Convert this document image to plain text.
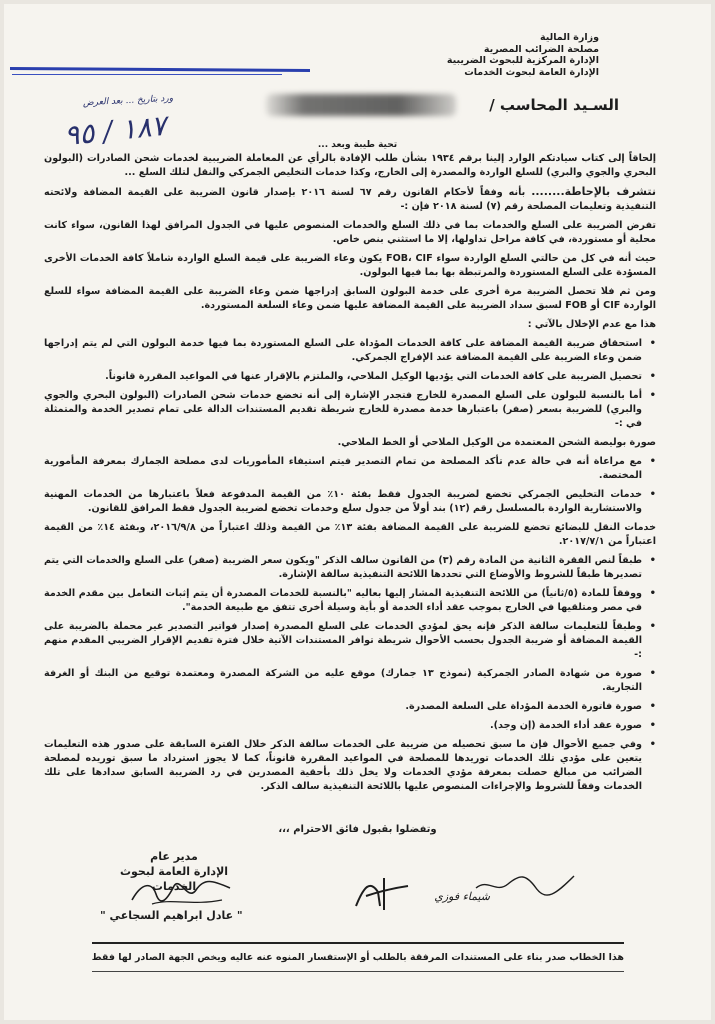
وزارة المالية
مصلحة الضرائب المصرية
الإدارة المركزية للبحوث الضريبية
الإدارة العامة لبحوث الخدمات
ورد بتاريخ ... بعد العرض
١٨٧ / ٩٥
السـيد المحاسب /
تحية طيبة وبعد ...

إلحاقاً إلى كتاب سيادتكم الوارد إلينا برقم ١٩٣٤ بشأن طلب الإفادة بالرأي عن المعاملة الضريبية لخدمات شحن الصادرات (البولون البحري والجوي والبري) للسلع الواردة والمصدرة إلى الخارج، وكذا خدمات التخليص الجمركي والنقل لتلك السلع ...

نتشرف بالإحاطة........ بأنه وفقاً لأحكام القانون رقم ٦٧ لسنة ٢٠١٦ بإصدار قانون الضريبة على القيمة المضافة ولائحته التنفيذية وتعليمات المصلحة رقم (٧) لسنة ٢٠١٨ فإن :-

تفرض الضريبة على السلع والخدمات بما في ذلك السلع والخدمات المنصوص عليها في الجدول المرافق لهذا القانون، سواء كانت محلية أو مستوردة، في كافة مراحل تداولها، إلا ما استثني بنص خاص.

حيث أنه في كل من حالتي السلع الواردة سواء FOB، CIF يكون وعاء الضريبة على قيمة السلع الواردة شاملاً كافة الخدمات الأخرى المسؤدة على السلع المستوردة والمرتبطة بها بما فيها البولون.

ومن ثم فلا تحصل الضريبة مرة أخرى على خدمة البولون السابق إدراجها ضمن وعاء الضريبة على القيمة المضافة سواء للسلع الواردة CIF أو FOB لسبق سداد الضريبة على القيمة المضافة عليها ضمن وعاء السلعة المستوردة.

هذا مع عدم الإخلال بالآتي :

• استحقاق ضريبة القيمة المضافة على كافة الخدمات المؤداة على السلع المستوردة بما فيها خدمة البولون التي لم يتم إدراجها ضمن وعاء الضريبة على القيمة المضافة عند الإفراج الجمركي.

• تحصيل الضريبة على كافة الخدمات التي يؤديها الوكيل الملاحي، والملتزم بالإقرار عنها في المواعيد المقررة قانوناً.

• أما بالنسبة للبولون على السلع المصدرة للخارج فتجدر الإشارة إلى أنه تخضع خدمات شحن الصادرات (البولون البحري والجوي والبري) للضريبة بسعر (صفر) باعتبارها خدمة مصدرة للخارج شريطة تقديم المستندات الدالة على تمام تصدير الخدمة والمتمثلة في :-

صورة بوليصة الشحن المعتمدة من الوكيل الملاحي أو الخط الملاحي.

• مع مراعاة أنه في حالة عدم تأكد المصلحة من تمام التصدير فيتم استيفاء المأموريات لدى مصلحة الجمارك بمعرفة المأمورية المختصة.

• خدمات التخليص الجمركي تخضع لضريبة الجدول فقط بفئة ١٠٪ من القيمة المدفوعة فعلاً باعتبارها من الخدمات المهنية والاستشارية الواردة بالمسلسل رقم (١٢) بند أولاً من جدول سلع وخدمات تخضع لضريبة الجدول فقط المرافق للقانون.

خدمات النقل للبضائع تخضع للضريبة على القيمة المضافة بفئة ١٣٪ من القيمة وذلك اعتباراً من ٢٠١٦/٩/٨، وبفئة ١٤٪ من القيمة اعتباراً من ٢٠١٧/٧/١.

• طبقاً لنص الفقرة الثانية من المادة رقم (٣) من القانون سالف الذكر "ويكون سعر الضريبة (صفر) على السلع والخدمات التي يتم تصديرها طبقاً للشروط والأوضاع التي تحددها اللائحة التنفيذية سالفة الإشارة.

• ووفقاً للمادة (٥/ثانياً) من اللائحة التنفيذية المشار إليها بعاليه "بالنسبة للخدمات المصدرة أن يتم إثبات التعامل بين مقدم الخدمة في مصر ومتلقيها في الخارج بموجب عقد أداء الخدمة أو بأية وسيلة أخرى تتفق مع طبيعة الخدمة".

• وطبقاً للتعليمات سالفة الذكر فإنه يحق لمؤدي الخدمات على السلع المصدرة إصدار فواتير التصدير غير محملة بالضريبة على القيمة المضافة أو ضريبة الجدول بحسب الأحوال شريطة توافر المستندات الآتية خلال فترة تقديم الإقرار الضريبي المقدم منهم :-

• صورة من شهادة الصادر الجمركية (نموذج ١٣ جمارك) موقع عليه من الشركة المصدرة ومعتمدة توقيع من البنك أو الغرفة التجارية.

• صورة فاتورة الخدمة المؤداة على السلعة المصدرة.

• صورة عقد أداء الخدمة (إن وجد).

• وفي جميع الأحوال فإن ما سبق تحصيله من ضريبة على الخدمات سالفة الذكر خلال الفترة السابقة على صدور هذه التعليمات يتعين على مؤدي تلك الخدمات توريدها للمصلحة في المواعيد المقررة قانوناً، كما لا يجوز استرداد ما سبق توريده لمصلحة الضرائب من مبالغ حصلت بمعرفة مؤدي الخدمات ولا يخل ذلك بأحقية المصدرين في رد الضريبة السابق سدادها على تلك الخدمات وفقاً للشروط والإجراءات المنصوص عليها باللائحة التنفيذية سالف الذكر.

وتفضلوا بقبول فائق الاحترام ،،،
مدير عام
الإدارة العامة لبحوث الخدمات
" عادل ابراهيم السجاعي "
شيماء فوزي
هذا الخطاب صدر بناء على المستندات المرفقة بالطلب أو الإستفسار المنوه عنه عاليه ويخص الجهة الصادر لها فقط
